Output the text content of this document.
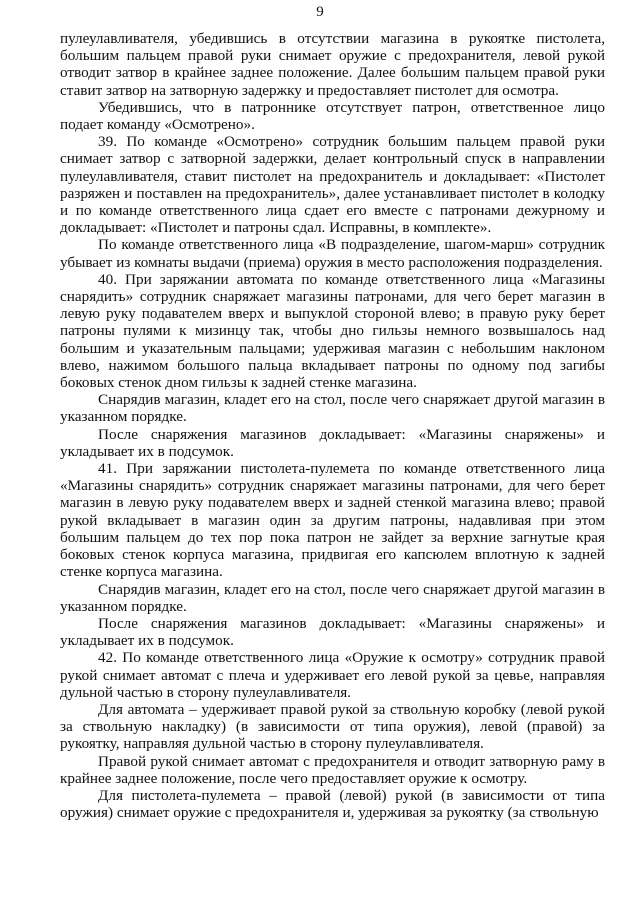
9

пулеулавливателя, убедившись в отсутствии магазина в рукоятке пистолета, большим пальцем правой руки снимает оружие с предохранителя, левой рукой отводит затвор в крайнее заднее положение. Далее большим пальцем правой руки ставит затвор на затворную задержку и предоставляет пистолет для осмотра.

Убедившись, что в патроннике отсутствует патрон, ответственное лицо подает команду «Осмотрено».

39. По команде «Осмотрено» сотрудник большим пальцем правой руки снимает затвор с затворной задержки, делает контрольный спуск в направлении пулеулавливателя, ставит пистолет на предохранитель и докладывает: «Пистолет разряжен и поставлен на предохранитель», далее устанавливает пистолет в колодку и по команде ответственного лица сдает его вместе с патронами дежурному и докладывает: «Пистолет и патроны сдал. Исправны, в комплекте».

По команде ответственного лица «В подразделение, шагом-марш» сотрудник убывает из комнаты выдачи (приема) оружия в место расположения подразделения.

40. При заряжании автомата по команде ответственного лица «Магазины снарядить» сотрудник снаряжает магазины патронами, для чего берет магазин в левую руку подавателем вверх и выпуклой стороной влево; в правую руку берет патроны пулями к мизинцу так, чтобы дно гильзы немного возвышалось над большим и указательным пальцами; удерживая магазин с небольшим наклоном влево, нажимом большого пальца вкладывает патроны по одному под загибы боковых стенок дном гильзы к задней стенке магазина.

Снарядив магазин, кладет его на стол, после чего снаряжает другой магазин в указанном порядке.

После снаряжения магазинов докладывает: «Магазины снаряжены» и укладывает их в подсумок.

41. При заряжании пистолета-пулемета по команде ответственного лица «Магазины снарядить» сотрудник снаряжает магазины патронами, для чего берет магазин в левую руку подавателем вверх и задней стенкой магазина влево; правой рукой вкладывает в магазин один за другим патроны, надавливая при этом большим пальцем до тех пор пока патрон не зайдет за верхние загнутые края боковых стенок корпуса магазина, придвигая его капсюлем вплотную к задней стенке корпуса магазина.

Снарядив магазин, кладет его на стол, после чего снаряжает другой магазин в указанном порядке.

После снаряжения магазинов докладывает: «Магазины снаряжены» и укладывает их в подсумок.

42. По команде ответственного лица «Оружие к осмотру» сотрудник правой рукой снимает автомат с плеча и удерживает его левой рукой за цевье, направляя дульной частью в сторону пулеулавливателя.

Для автомата – удерживает правой рукой за ствольную коробку (левой рукой за ствольную накладку) (в зависимости от типа оружия), левой (правой) за рукоятку, направляя дульной частью в сторону пулеулавливателя.

Правой рукой снимает автомат с предохранителя и отводит затворную раму в крайнее заднее положение, после чего предоставляет оружие к осмотру.

Для пистолета-пулемета – правой (левой) рукой (в зависимости от типа оружия) снимает оружие с предохранителя и, удерживая за рукоятку (за ствольную
